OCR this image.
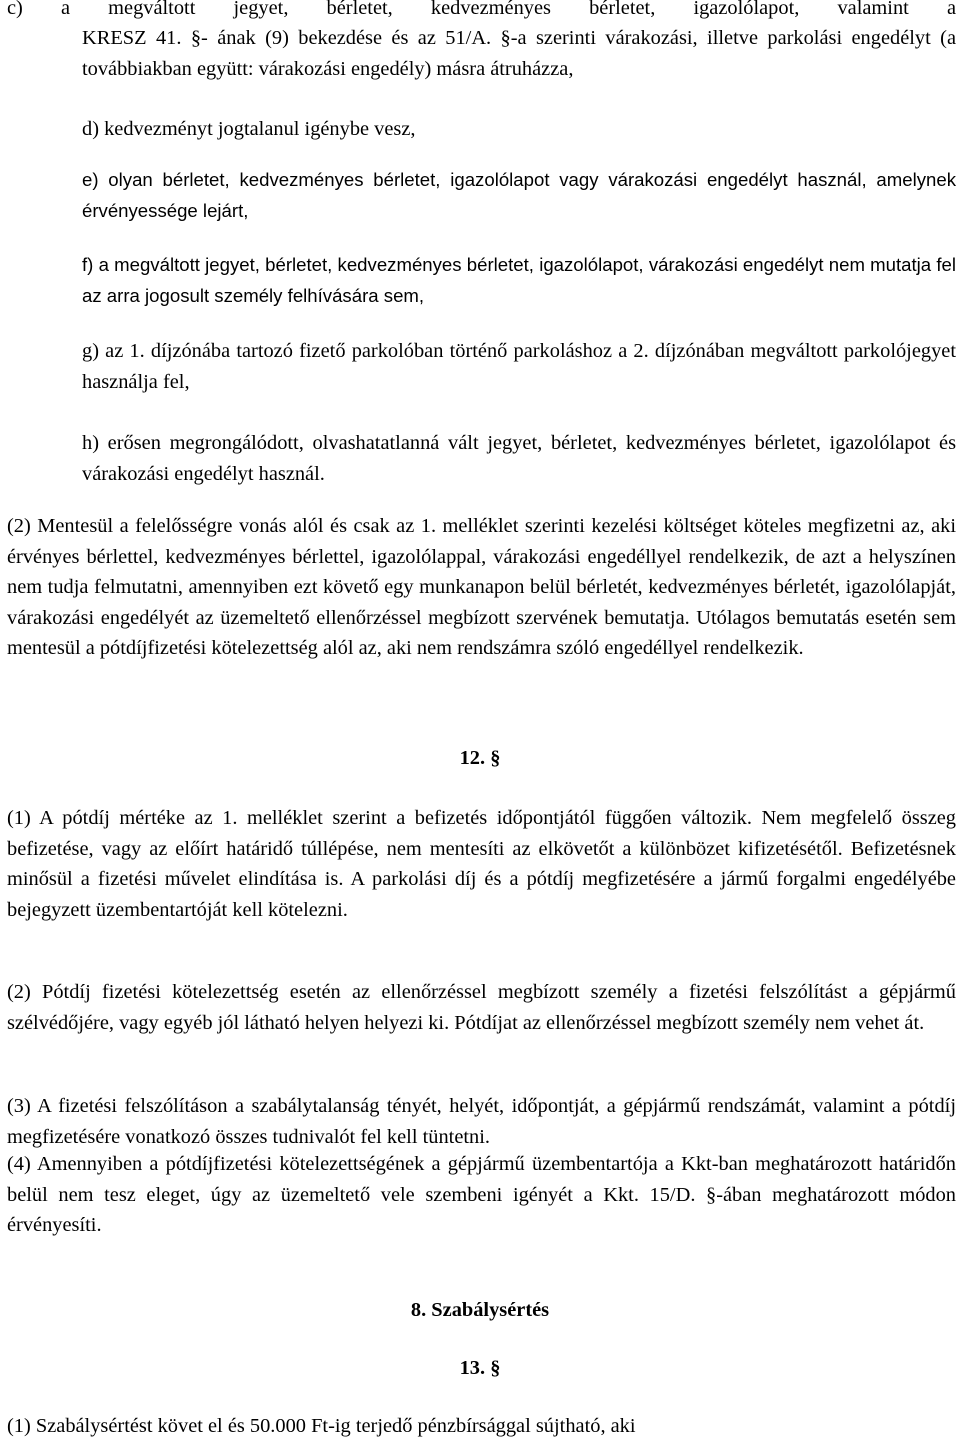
c) a megváltott jegyet, bérletet, kedvezményes bérletet, igazolólapot, valamint a

KRESZ 41. §- ának (9) bekezdése és az 51/A. §-a szerinti várakozási, illetve parkolási engedélyt (a továbbiakban együtt: várakozási engedély) másra átruházza,

d) kedvezményt jogtalanul igénybe vesz,

e) olyan bérletet, kedvezményes bérletet, igazolólapot vagy várakozási engedélyt használ, amelynek érvényessége lejárt,

f) a megváltott jegyet, bérletet, kedvezményes bérletet, igazolólapot, várakozási engedélyt nem mutatja fel az arra jogosult személy felhívására sem,

g) az 1. díjzónába tartozó fizető parkolóban történő parkoláshoz a 2. díjzónában megváltott parkolójegyet használja fel,

h) erősen megrongálódott, olvashatatlanná vált jegyet, bérletet, kedvezményes bérletet, igazolólapot és várakozási engedélyt használ.

(2) Mentesül a felelősségre vonás alól és csak az 1. melléklet szerinti kezelési költséget köteles megfizetni az, aki érvényes bérlettel, kedvezményes bérlettel, igazolólappal, várakozási engedéllyel rendelkezik, de azt a helyszínen nem tudja felmutatni, amennyiben ezt követő egy munkanapon belül bérletét, kedvezményes bérletét, igazolólapját, várakozási engedélyét az üzemeltető ellenőrzéssel megbízott szervének bemutatja. Utólagos bemutatás esetén sem mentesül a pótdíjfizetési kötelezettség alól az, aki nem rendszámra szóló engedéllyel rendelkezik.

12. §

(1) A pótdíj mértéke az 1. melléklet szerint a befizetés időpontjától függően változik. Nem megfelelő összeg befizetése, vagy az előírt határidő túllépése, nem mentesíti az elkövetőt a különbözet kifizetésétől. Befizetésnek minősül a fizetési művelet elindítása is. A parkolási díj és a pótdíj megfizetésére a jármű forgalmi engedélyébe bejegyzett üzembentartóját kell kötelezni.

(2) Pótdíj fizetési kötelezettség esetén az ellenőrzéssel megbízott személy a fizetési felszólítást a gépjármű szélvédőjére, vagy egyéb jól látható helyen helyezi ki. Pótdíjat az ellenőrzéssel megbízott személy nem vehet át.

(3) A fizetési felszólításon a szabálytalanság tényét, helyét, időpontját, a gépjármű rendszámát, valamint a pótdíj megfizetésére vonatkozó összes tudnivalót fel kell tüntetni.

(4) Amennyiben a pótdíjfizetési kötelezettségének a gépjármű üzembentartója a Kkt-ban meghatározott határidőn belül nem tesz eleget, úgy az üzemeltető vele szembeni igényét a Kkt. 15/D. §-ában meghatározott módon érvényesíti.

8. Szabálysértés
13. §

(1) Szabálysértést követ el és 50.000 Ft-ig terjedő pénzbírsággal sújtható, aki
